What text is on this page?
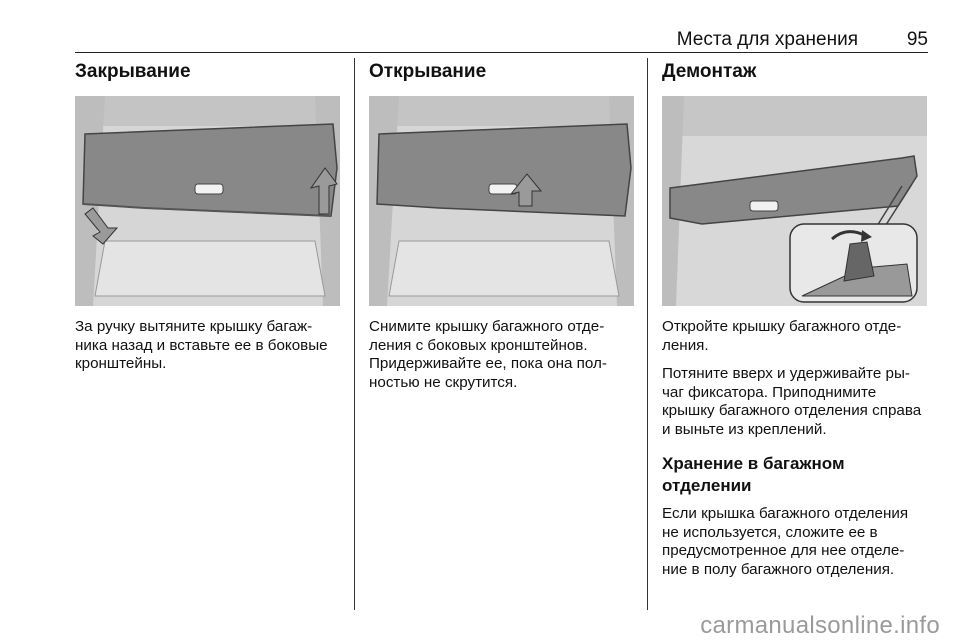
Места для хранения	95
Закрывание

За ручку вытяните крышку багаж-ника назад и вставьте ее в боковые кронштейны.

Открывание

Снимите крышку багажного отде-ления с боковых кронштейнов. Придерживайте ее, пока она пол-ностью не скрутится.

Демонтаж

Откройте крышку багажного отде-ления.

Потяните вверх и удерживайте ры-чаг фиксатора. Приподнимите крышку багажного отделения справа и выньте из креплений.

Хранение в багажном отделении

Если крышка багажного отделения не используется, сложите ее в предусмотренное для нее отделе-ние в полу багажного отделения.

carmanualsonline.info
